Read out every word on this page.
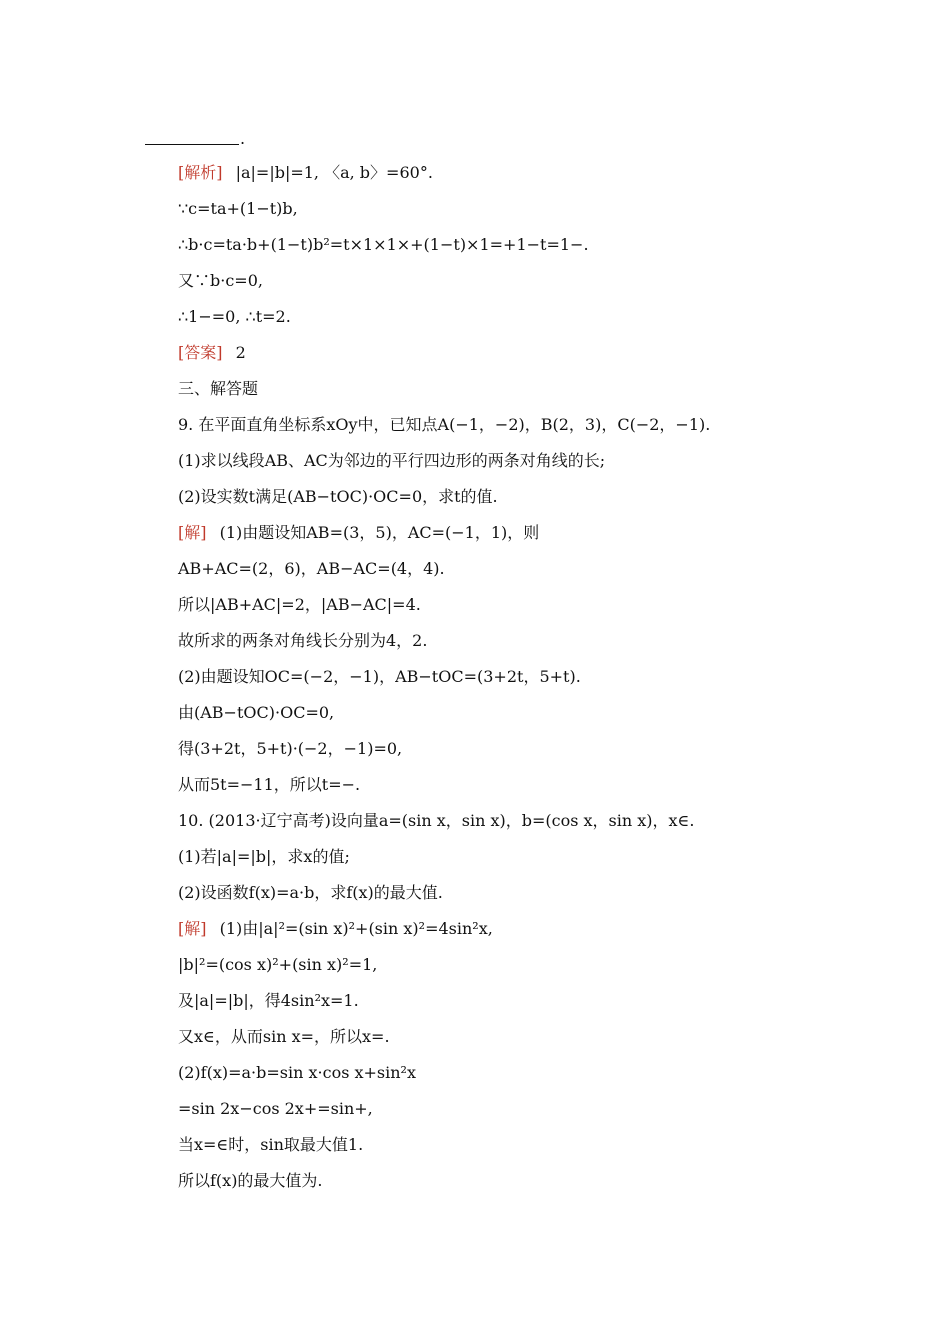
.
[解析] |a|=|b|=1, 〈a, b〉=60°.
∵c=ta+(1−t)b,
∴b·c=ta·b+(1−t)b²=t×1×1×+(1−t)×1=+1−t=1−.
又∵b·c=0,
∴1−=0, ∴t=2.
[答案] 2
三、解答题
9. 在平面直角坐标系xOy中，已知点A(−1，−2)，B(2，3)，C(−2，−1).
(1)求以线段AB、AC为邻边的平行四边形的两条对角线的长;
(2)设实数t满足(AB−tOC)·OC=0，求t的值.
[解] (1)由题设知AB=(3，5)，AC=(−1，1)，则
AB+AC=(2，6)，AB−AC=(4，4).
所以|AB+AC|=2，|AB−AC|=4.
故所求的两条对角线长分别为4，2.
(2)由题设知OC=(−2，−1)，AB−tOC=(3+2t，5+t).
由(AB−tOC)·OC=0,
得(3+2t，5+t)·(−2，−1)=0,
从而5t=−11，所以t=−.
10. (2013·辽宁高考)设向量a=(sin x，sin x)，b=(cos x，sin x)，x∈.
(1)若|a|=|b|，求x的值;
(2)设函数f(x)=a·b，求f(x)的最大值.
[解] (1)由|a|²=(sin x)²+(sin x)²=4sin²x,
|b|²=(cos x)²+(sin x)²=1,
及|a|=|b|，得4sin²x=1.
又x∈，从而sin x=，所以x=.
(2)f(x)=a·b=sin x·cos x+sin²x
=sin 2x−cos 2x+=sin+,
当x=∈时，sin取最大值1.
所以f(x)的最大值为.
